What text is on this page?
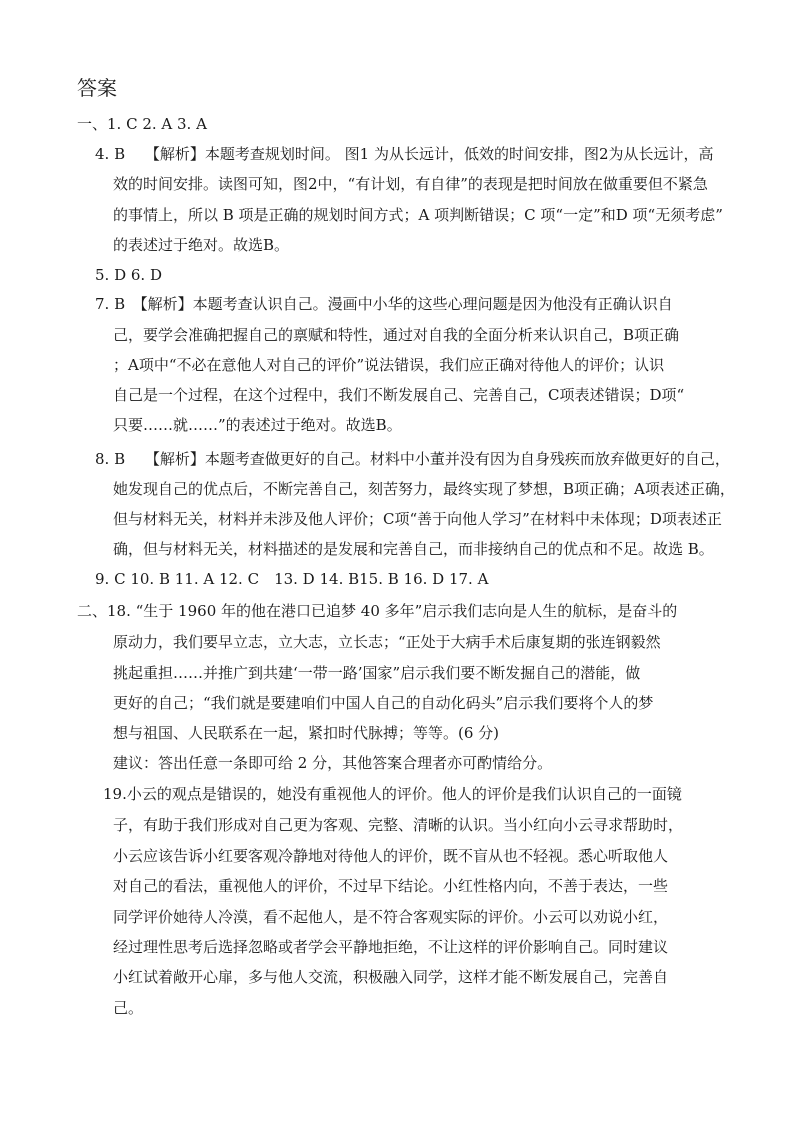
答案
一、1. C 2. A 3. A
4. B　 【解析】本题考查规划时间。 图1 为从长远计，低效的时间安排，图2为从长远计，高
效的时间安排。读图可知，图2中，“有计划，有自律”的表现是把时间放在做重要但不紧急
的事情上，所以 B 项是正确的规划时间方式；A 项判断错误；C 项“一定”和D 项“无须考虑”
的表述过于绝对。故选B。
5. D 6. D
7. B　【解析】本题考查认识自己。漫画中小华的这些心理问题是因为他没有正确认识自
己，要学会准确把握自己的禀赋和特性，通过对自我的全面分析来认识自己，B项正确
；A项中“不必在意他人对自己的评价”说法错误，我们应正确对待他人的评价；认识
自己是一个过程，在这个过程中，我们不断发展自己、完善自己，C项表述错误；D项“
只要……就……”的表述过于绝对。故选B。
8. B　 【解析】本题考查做更好的自己。材料中小董并没有因为自身残疾而放弃做更好的自己，
她发现自己的优点后，不断完善自己，刻苦努力，最终实现了梦想，B项正确；A项表述正确，
但与材料无关，材料并未涉及他人评价；C项“善于向他人学习”在材料中未体现；D项表述正
确，但与材料无关，材料描述的是发展和完善自己，而非接纳自己的优点和不足。故选 B。
9. C 10. B 11. A 12. C　13. D 14. B15. B 16. D 17. A
二、18. “生于 1960 年的他在港口已追梦 40 多年”启示我们志向是人生的航标，是奋斗的
原动力，我们要早立志，立大志，立长志；“正处于大病手术后康复期的张连钢毅然
挑起重担……并推广到共建‘一带一路’国家”启示我们要不断发掘自己的潜能，做
更好的自己；“我们就是要建咱们中国人自己的自动化码头”启示我们要将个人的梦
想与祖国、人民联系在一起，紧扣时代脉搏；等等。(6 分)
建议：答出任意一条即可给 2 分，其他答案合理者亦可酌情给分。
19.小云的观点是错误的，她没有重视他人的评价。他人的评价是我们认识自己的一面镜
子，有助于我们形成对自己更为客观、完整、清晰的认识。当小红向小云寻求帮助时，
小云应该告诉小红要客观冷静地对待他人的评价，既不盲从也不轻视。悉心听取他人
对自己的看法，重视他人的评价，不过早下结论。小红性格内向，不善于表达，一些
同学评价她待人冷漠，看不起他人，是不符合客观实际的评价。小云可以劝说小红，
经过理性思考后选择忽略或者学会平静地拒绝，不让这样的评价影响自己。同时建议
小红试着敞开心扉，多与他人交流，积极融入同学，这样才能不断发展自己，完善自
己。
